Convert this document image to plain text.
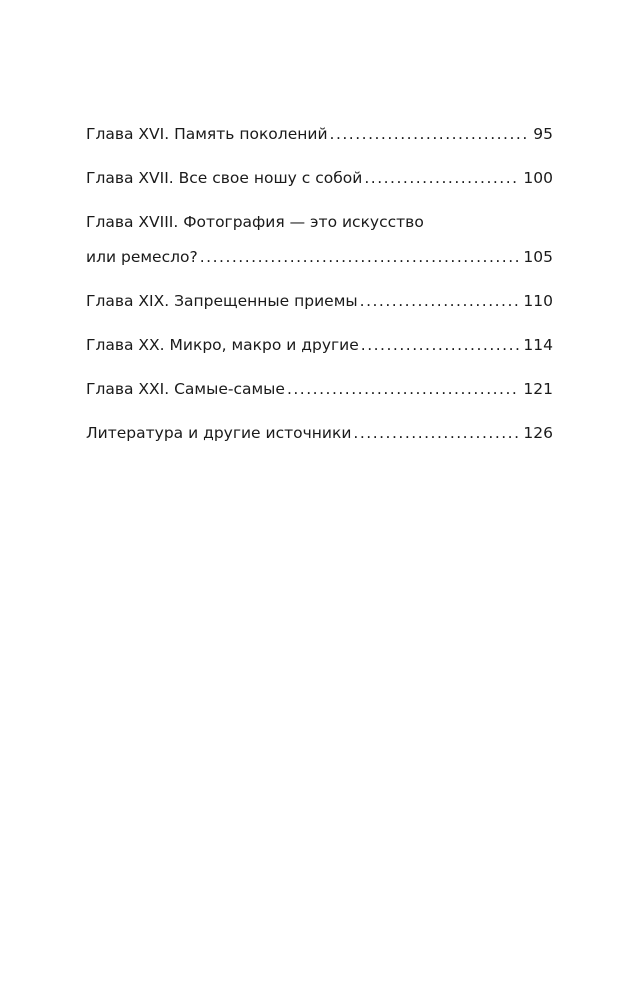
Глава XVI. Память поколений .....	95
Глава XVII. Все свое ношу с собой .....	100
Глава XVIII. Фотография — это искусство
или ремесло? .....	105
Глава XIX. Запрещенные приемы .....	110
Глава XX. Микро, макро и другие .....	114
Глава XXI. Самые-самые .....	121
Литература и другие источники .....	126
